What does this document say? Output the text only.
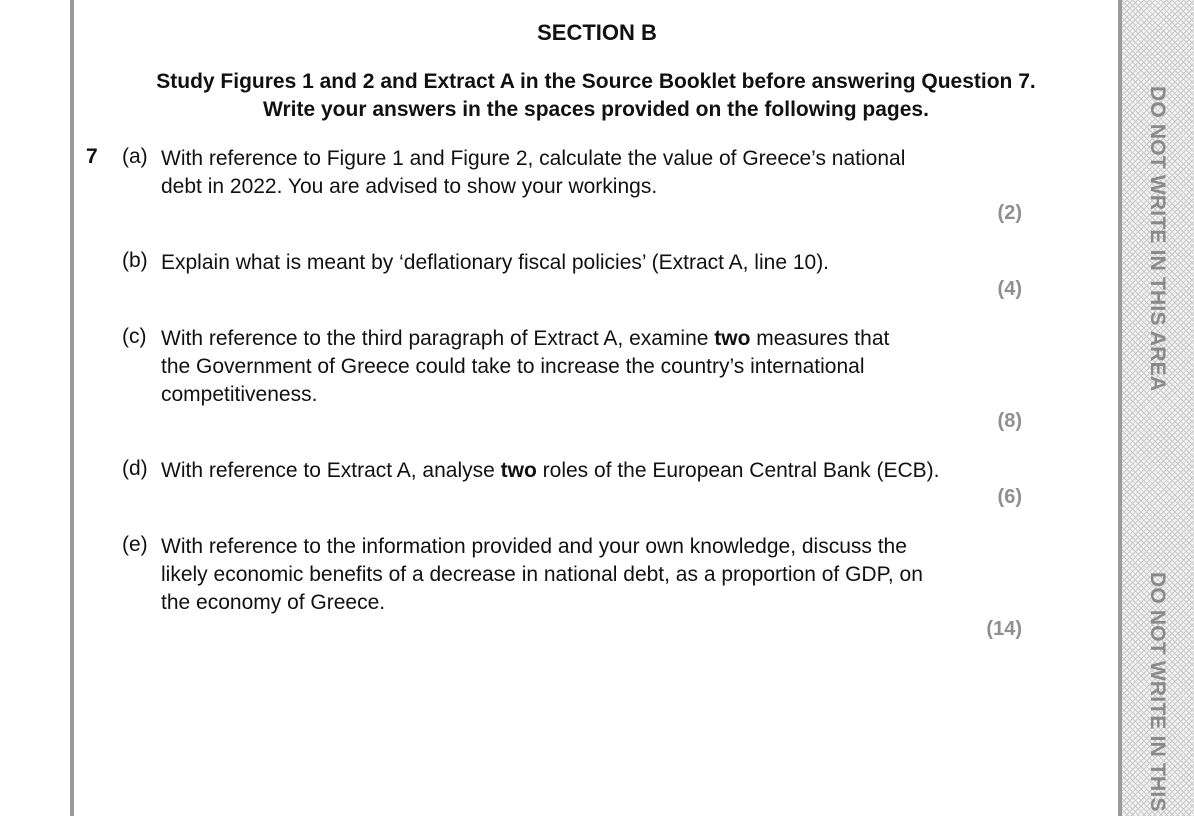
DO NOT WRITE IN THIS AREA
DO NOT WRITE IN THIS
SECTION B
Study Figures 1 and 2 and Extract A in the Source Booklet before answering Question 7.
Write your answers in the spaces provided on the following pages.
7 (a) With reference to Figure 1 and Figure 2, calculate the value of Greece’s national
debt in 2022. You are advised to show your workings.
(2)
(b) Explain what is meant by ‘deflationary fiscal policies’ (Extract A, line 10).
(4)
(c) With reference to the third paragraph of Extract A, examine two measures that
the Government of Greece could take to increase the country’s international
competitiveness.
(8)
(d) With reference to Extract A, analyse two roles of the European Central Bank (ECB).
(6)
(e) With reference to the information provided and your own knowledge, discuss the
likely economic benefits of a decrease in national debt, as a proportion of GDP, on
the economy of Greece.
(14)
